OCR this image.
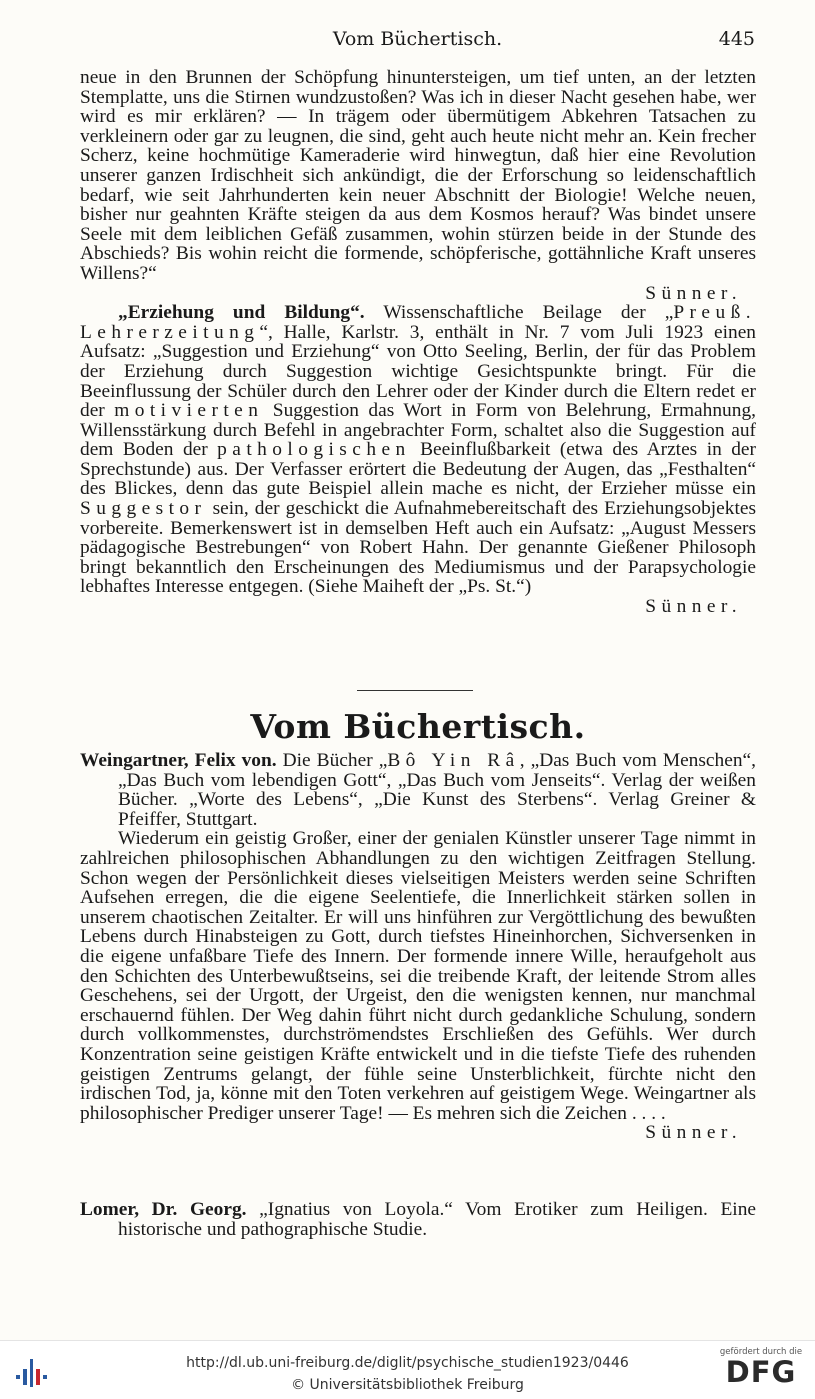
Vom Büchertisch.	445

neue in den Brunnen der Schöpfung hinuntersteigen, um tief unten, an der letzten Stemplatte, uns die Stirnen wundzustoßen? Was ich in dieser Nacht gesehen habe, wer wird es mir erklären? — In trägem oder übermütigem Abkehren Tatsachen zu verkleinern oder gar zu leugnen, die sind, geht auch heute nicht mehr an. Kein frecher Scherz, keine hochmütige Kameraderie wird hinwegtun, daß hier eine Revolution unserer ganzen Irdischheit sich ankündigt, die der Erforschung so leidenschaftlich bedarf, wie seit Jahrhunderten kein neuer Abschnitt der Biologie! Welche neuen, bisher nur geahnten Kräfte steigen da aus dem Kosmos herauf? Was bindet unsere Seele mit dem leiblichen Gefäß zusammen, wohin stürzen beide in der Stunde des Abschieds? Bis wohin reicht die formende, schöpferische, gottähnliche Kraft unseres Willens?“

Sünner.

„Erziehung und Bildung“. Wissenschaftliche Beilage der „Preuß. Lehrerzeitung“, Halle, Karlstr. 3, enthält in Nr. 7 vom Juli 1923 einen Aufsatz: „Suggestion und Erziehung“ von Otto Seeling, Berlin, der für das Problem der Erziehung durch Suggestion wichtige Gesichtspunkte bringt. Für die Beeinflussung der Schüler durch den Lehrer oder der Kinder durch die Eltern redet er der motivierten Suggestion das Wort in Form von Belehrung, Ermahnung, Willensstärkung durch Befehl in angebrachter Form, schaltet also die Suggestion auf dem Boden der pathologischen Beeinflußbarkeit (etwa des Arztes in der Sprechstunde) aus. Der Verfasser erörtert die Bedeutung der Augen, das „Festhalten“ des Blickes, denn das gute Beispiel allein mache es nicht, der Erzieher müsse ein Suggestor sein, der geschickt die Aufnahmebereitschaft des Erziehungsobjektes vorbereite. Bemerkenswert ist in demselben Heft auch ein Aufsatz: „August Messers pädagogische Bestrebungen“ von Robert Hahn. Der genannte Gießener Philosoph bringt bekanntlich den Erscheinungen des Mediumismus und der Parapsychologie lebhaftes Interesse entgegen. (Siehe Maiheft der „Ps. St.“)

Sünner.

Vom Büchertisch.

Weingartner, Felix von. Die Bücher „Bô Yin Râ, „Das Buch vom Menschen“, „Das Buch vom lebendigen Gott“, „Das Buch vom Jenseits“. Verlag der weißen Bücher. „Worte des Lebens“, „Die Kunst des Sterbens“. Verlag Greiner & Pfeiffer, Stuttgart.

Wiederum ein geistig Großer, einer der genialen Künstler unserer Tage nimmt in zahlreichen philosophischen Abhandlungen zu den wichtigen Zeitfragen Stellung. Schon wegen der Persönlichkeit dieses vielseitigen Meisters werden seine Schriften Aufsehen erregen, die die eigene Seelentiefe, die Innerlichkeit stärken sollen in unserem chaotischen Zeitalter. Er will uns hinführen zur Vergöttlichung des bewußten Lebens durch Hinabsteigen zu Gott, durch tiefstes Hineinhorchen, Sichversenken in die eigene unfaßbare Tiefe des Innern. Der formende innere Wille, heraufgeholt aus den Schichten des Unterbewußtseins, sei die treibende Kraft, der leitende Strom alles Geschehens, sei der Urgott, der Urgeist, den die wenigsten kennen, nur manchmal erschauernd fühlen. Der Weg dahin führt nicht durch gedankliche Schulung, sondern durch vollkommenstes, durchströmendstes Erschließen des Gefühls. Wer durch Konzentration seine geistigen Kräfte entwickelt und in die tiefste Tiefe des ruhenden geistigen Zentrums gelangt, der fühle seine Unsterblichkeit, fürchte nicht den irdischen Tod, ja, könne mit den Toten verkehren auf geistigem Wege. Weingartner als philosophischer Prediger unserer Tage! — Es mehren sich die Zeichen . . . .

Sünner.

Lomer, Dr. Georg. „Ignatius von Loyola.“ Vom Erotiker zum Heiligen. Eine historische und pathographische Studie.

http://dl.ub.uni-freiburg.de/diglit/psychische_studien1923/0446
© Universitätsbibliothek Freiburg
gefördert durch die
DFG
